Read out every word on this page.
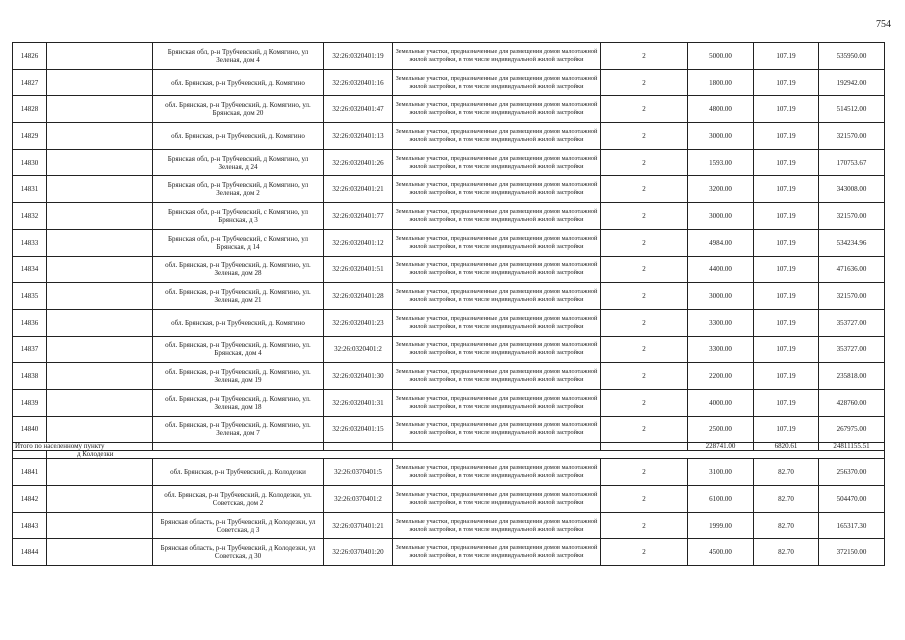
754
14826		Брянская обл, р-н Трубчевский, д Комягино, ул Зеленая, дом 4	32:26:0320401:19	Земельные участки, предназначенные для размещения домов малоэтажной жилой застройки, в том числе индивидуальной жилой застройки	2	5000.00	107.19	535950.00
14827		обл. Брянская, р-н Трубчевский, д. Комягино	32:26:0320401:16	Земельные участки, предназначенные для размещения домов малоэтажной жилой застройки, в том числе индивидуальной жилой застройки	2	1800.00	107.19	192942.00
14828		обл. Брянская, р-н Трубчевский, д. Комягино, ул. Брянская, дом 20	32:26:0320401:47	Земельные участки, предназначенные для размещения домов малоэтажной жилой застройки, в том числе индивидуальной жилой застройки	2	4800.00	107.19	514512.00
14829		обл. Брянская, р-н Трубчевский, д. Комягино	32:26:0320401:13	Земельные участки, предназначенные для размещения домов малоэтажной жилой застройки, в том числе индивидуальной жилой застройки	2	3000.00	107.19	321570.00
14830		Брянская обл, р-н Трубчевский, д Комягино, ул Зеленая, д 24	32:26:0320401:26	Земельные участки, предназначенные для размещения домов малоэтажной жилой застройки, в том числе индивидуальной жилой застройки	2	1593.00	107.19	170753.67
14831		Брянская обл, р-н Трубчевский, д Комягино, ул Зеленая, дом 2	32:26:0320401:21	Земельные участки, предназначенные для размещения домов малоэтажной жилой застройки, в том числе индивидуальной жилой застройки	2	3200.00	107.19	343008.00
14832		Брянская обл, р-н Трубчевский, с Комягино, ул Брянская, д 3	32:26:0320401:77	Земельные участки, предназначенные для размещения домов малоэтажной жилой застройки, в том числе индивидуальной жилой застройки	2	3000.00	107.19	321570.00
14833		Брянская обл, р-н Трубчевский, с Комягино, ул Брянская, д 14	32:26:0320401:12	Земельные участки, предназначенные для размещения домов малоэтажной жилой застройки, в том числе индивидуальной жилой застройки	2	4984.00	107.19	534234.96
14834		обл. Брянская, р-н Трубчевский, д. Комягино, ул. Зеленая, дом 28	32:26:0320401:51	Земельные участки, предназначенные для размещения домов малоэтажной жилой застройки, в том числе индивидуальной жилой застройки	2	4400.00	107.19	471636.00
14835		обл. Брянская, р-н Трубчевский, д. Комягино, ул. Зеленая, дом 21	32:26:0320401:28	Земельные участки, предназначенные для размещения домов малоэтажной жилой застройки, в том числе индивидуальной жилой застройки	2	3000.00	107.19	321570.00
14836		обл. Брянская, р-н Трубчевский, д. Комягино	32:26:0320401:23	Земельные участки, предназначенные для размещения домов малоэтажной жилой застройки, в том числе индивидуальной жилой застройки	2	3300.00	107.19	353727.00
14837		обл. Брянская, р-н Трубчевский, д. Комягино, ул. Брянская, дом 4	32:26:0320401:2	Земельные участки, предназначенные для размещения домов малоэтажной жилой застройки, в том числе индивидуальной жилой застройки	2	3300.00	107.19	353727.00
14838		обл. Брянская, р-н Трубчевский, д. Комягино, ул. Зеленая, дом 19	32:26:0320401:30	Земельные участки, предназначенные для размещения домов малоэтажной жилой застройки, в том числе индивидуальной жилой застройки	2	2200.00	107.19	235818.00
14839		обл. Брянская, р-н Трубчевский, д. Комягино, ул. Зеленая, дом 18	32:26:0320401:31	Земельные участки, предназначенные для размещения домов малоэтажной жилой застройки, в том числе индивидуальной жилой застройки	2	4000.00	107.19	428760.00
14840		обл. Брянская, р-н Трубчевский, д. Комягино, ул. Зеленая, дом 7	32:26:0320401:15	Земельные участки, предназначенные для размещения домов малоэтажной жилой застройки, в том числе индивидуальной жилой застройки	2	2500.00	107.19	267975.00
Итого по населенному пункту						228741.00	6820.61	24811155.51
	д Колодезки							
14841		обл. Брянская, р-н Трубчевский, д. Колодезки	32:26:0370401:5	Земельные участки, предназначенные для размещения домов малоэтажной жилой застройки, в том числе индивидуальной жилой застройки	2	3100.00	82.70	256370.00
14842		обл. Брянская, р-н Трубчевский, д. Колодезки, ул. Советская, дом 2	32:26:0370401:2	Земельные участки, предназначенные для размещения домов малоэтажной жилой застройки, в том числе индивидуальной жилой застройки	2	6100.00	82.70	504470.00
14843		Брянская область, р-н Трубчевский, д Колодезки, ул Советская, д 3	32:26:0370401:21	Земельные участки, предназначенные для размещения домов малоэтажной жилой застройки, в том числе индивидуальной жилой застройки	2	1999.00	82.70	165317.30
14844		Брянская область, р-н Трубчевский, д Колодезки, ул Советская, д 30	32:26:0370401:20	Земельные участки, предназначенные для размещения домов малоэтажной жилой застройки, в том числе индивидуальной жилой застройки	2	4500.00	82.70	372150.00
